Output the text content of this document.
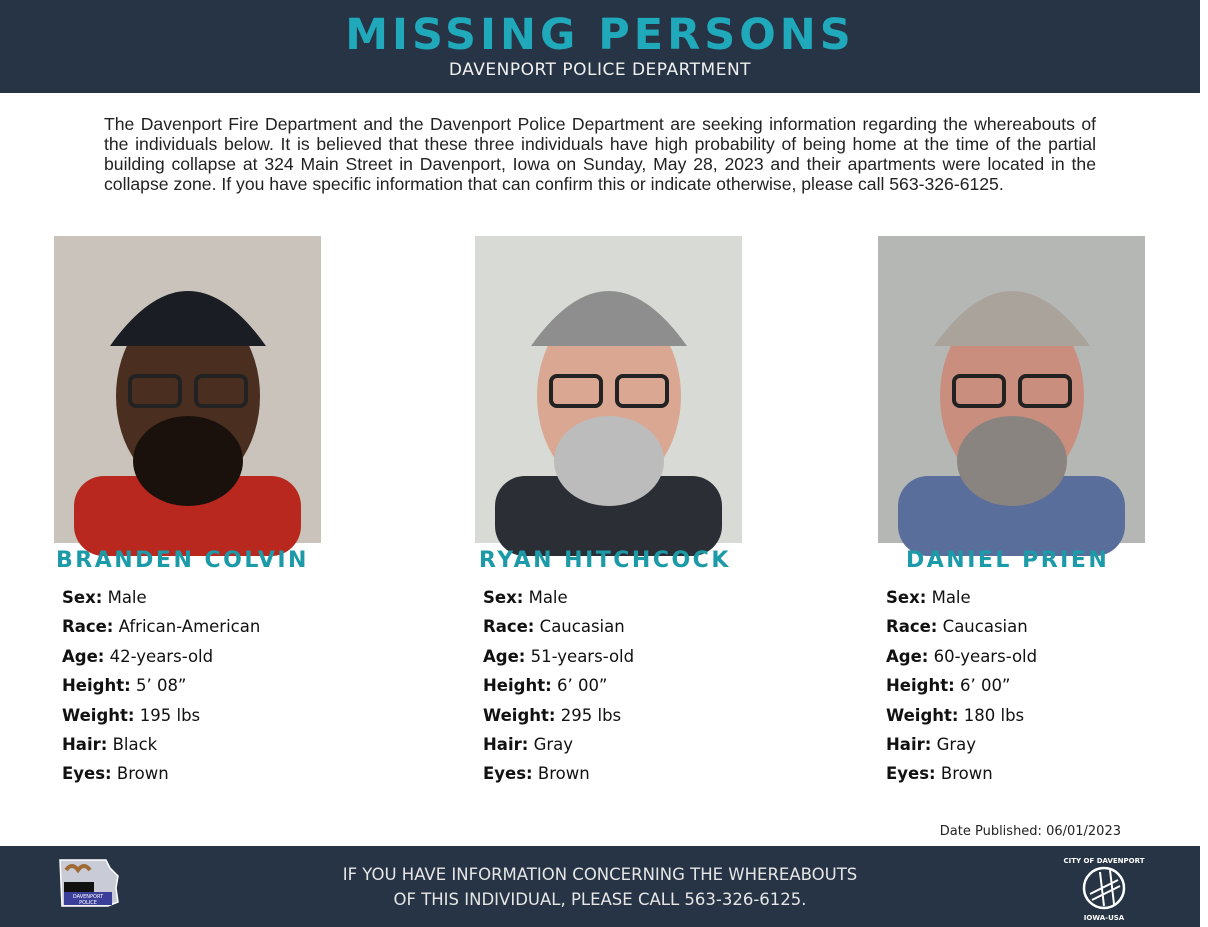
MISSING PERSONS
DAVENPORT POLICE DEPARTMENT

The Davenport Fire Department and the Davenport Police Department are seeking information regarding the whereabouts of the individuals below. It is believed that these three individuals have high probability of being home at the time of the partial building collapse at 324 Main Street in Davenport, Iowa on Sunday, May 28, 2023 and their apartments were located in the collapse zone. If you have specific information that can confirm this or indicate otherwise, please call 563-326-6125.

BRANDEN COLVIN
Sex: Male
Race: African-American
Age: 42-years-old
Height: 5’ 08”
Weight: 195 lbs
Hair: Black
Eyes: Brown
RYAN HITCHCOCK
Sex: Male
Race: Caucasian
Age: 51-years-old
Height: 6’ 00”
Weight: 295 lbs
Hair: Gray
Eyes: Brown
DANIEL PRIEN
Sex: Male
Race: Caucasian
Age: 60-years-old
Height: 6’ 00”
Weight: 180 lbs
Hair: Gray
Eyes: Brown
Date Published: 06/01/2023
DAVENPORT
POLICE
IF YOU HAVE INFORMATION CONCERNING THE WHEREABOUTS
OF THIS INDIVIDUAL, PLEASE CALL 563-326-6125.
CITY OF DAVENPORT
IOWA-USA
